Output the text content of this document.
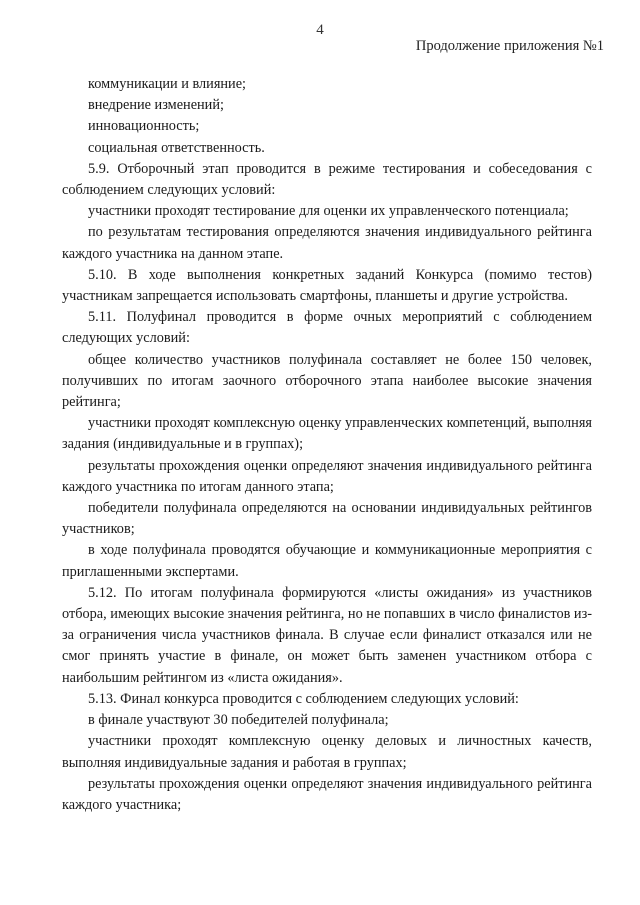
4
Продолжение приложения №1

коммуникации и влияние;

внедрение изменений;

инновационность;

социальная ответственность.

5.9. Отборочный этап проводится в режиме тестирования и собеседования с соблюдением следующих условий:

участники проходят тестирование для оценки их управленческого потенциала;

по результатам тестирования определяются значения индивидуального рейтинга каждого участника на данном этапе.

5.10. В ходе выполнения конкретных заданий Конкурса (помимо тестов) участникам запрещается использовать смартфоны, планшеты и другие устройства.

5.11. Полуфинал проводится в форме очных мероприятий с соблюдением следующих условий:

общее количество участников полуфинала составляет не более 150 человек, получивших по итогам заочного отборочного этапа наиболее высокие значения рейтинга;

участники проходят комплексную оценку управленческих компетенций, выполняя задания (индивидуальные и в группах);

результаты прохождения оценки определяют значения индивидуального рейтинга каждого участника по итогам данного этапа;

победители полуфинала определяются на основании индивидуальных рейтингов участников;

в ходе полуфинала проводятся обучающие и коммуникационные мероприятия с приглашенными экспертами.

5.12. По итогам полуфинала формируются «листы ожидания» из участников отбора, имеющих высокие значения рейтинга, но не попавших в число финалистов из-за ограничения числа участников финала. В случае если финалист отказался или не смог принять участие в финале, он может быть заменен участником отбора с наибольшим рейтингом из «листа ожидания».

5.13. Финал конкурса проводится с соблюдением следующих условий:

в финале участвуют 30 победителей полуфинала;

участники проходят комплексную оценку деловых и личностных качеств, выполняя индивидуальные задания и работая в группах;

результаты прохождения оценки определяют значения индивидуального рейтинга каждого участника;
